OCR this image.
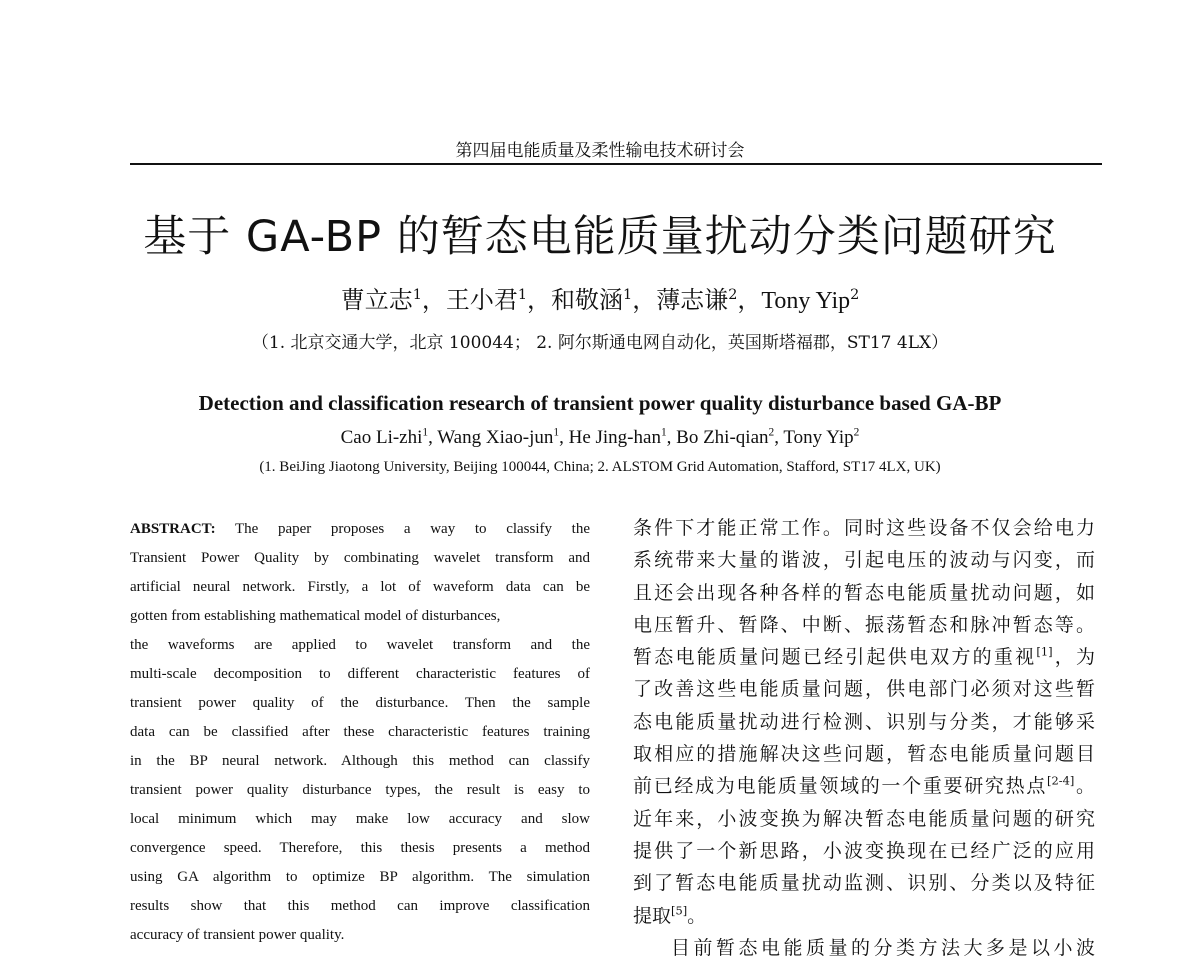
第四届电能质量及柔性输电技术研讨会
基于 GA-BP 的暂态电能质量扰动分类问题研究
曹立志$^1$，王小君$^1$，和敬涵$^1$，薄志谦$^2$，Tony Yip$^2$
（1. 北京交通大学，北京 100044； 2. 阿尔斯通电网自动化，英国斯塔福郡，ST17 4LX）
Detection and classification research of transient power quality disturbance based GA-BP
Cao Li-zhi$^1$, Wang Xiao-jun$^1$, He Jing-han$^1$, Bo Zhi-qian$^2$, Tony Yip$^2$
(1. BeiJing Jiaotong University, Beijing 100044, China; 2. ALSTOM Grid Automation, Stafford, ST17 4LX, UK)
ABSTRACT: The paper proposes a way to classify the
Transient Power Quality by combinating wavelet transform and
artificial neural network. Firstly, a lot of waveform data can be
gotten from establishing mathematical model of disturbances,
the waveforms are applied to wavelet transform and the
multi-scale decomposition to different characteristic features of
transient power quality of the disturbance. Then the sample
data can be classified after these characteristic features training
in the BP neural network. Although this method can classify
transient power quality disturbance types, the result is easy to
local minimum which may make low accuracy and slow
convergence speed. Therefore, this thesis presents a method
using GA algorithm to optimize BP algorithm. The simulation
results show that this method can improve classification
accuracy of transient power quality.
条件下才能正常工作。同时这些设备不仅会给电力
系统带来大量的谐波，引起电压的波动与闪变，而
且还会出现各种各样的暂态电能质量扰动问题，如
电压暂升、暂降、中断、振荡暂态和脉冲暂态等。
暂态电能质量问题已经引起供电双方的重视[1]，为
了改善这些电能质量问题，供电部门必须对这些暂
态电能质量扰动进行检测、识别与分类，才能够采
取相应的措施解决这些问题，暂态电能质量问题目
前已经成为电能质量领域的一个重要研究热点[2-4]。
近年来，小波变换为解决暂态电能质量问题的研究
提供了一个新思路，小波变换现在已经广泛的应用
到了暂态电能质量扰动监测、识别、分类以及特征
提取[5]。
目前暂态电能质量的分类方法大多是以小波
